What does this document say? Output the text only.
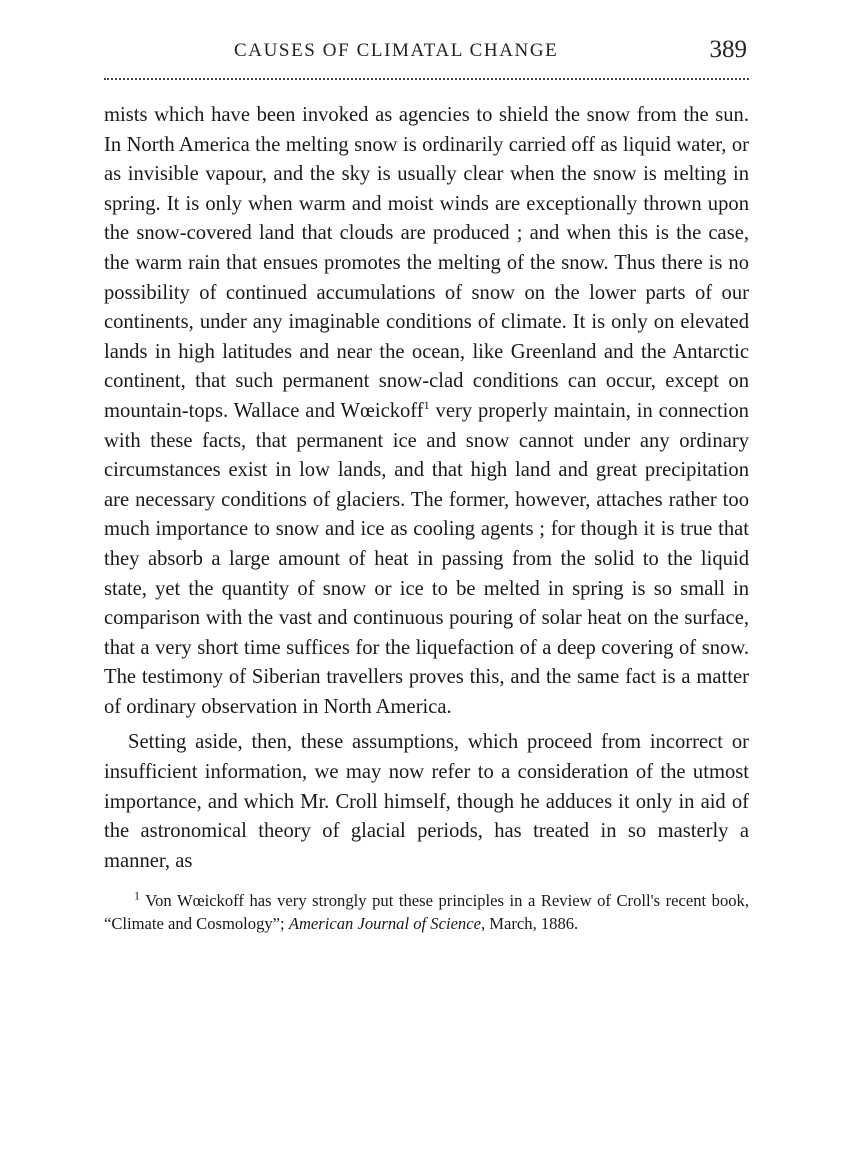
CAUSES OF CLIMATAL CHANGE	389

mists which have been invoked as agencies to shield the snow from the sun. In North America the melting snow is ordinarily carried off as liquid water, or as invisible vapour, and the sky is usually clear when the snow is melting in spring. It is only when warm and moist winds are exceptionally thrown upon the snow-covered land that clouds are produced ; and when this is the case, the warm rain that ensues promotes the melting of the snow. Thus there is no possibility of continued accumulations of snow on the lower parts of our continents, under any imaginable conditions of climate. It is only on elevated lands in high latitudes and near the ocean, like Greenland and the Antarctic continent, that such permanent snow-clad conditions can occur, except on mountain-tops. Wallace and Wœickoff$^1$ very properly maintain, in connection with these facts, that permanent ice and snow cannot under any ordinary circumstances exist in low lands, and that high land and great precipitation are necessary conditions of glaciers. The former, however, attaches rather too much importance to snow and ice as cooling agents ; for though it is true that they absorb a large amount of heat in passing from the solid to the liquid state, yet the quantity of snow or ice to be melted in spring is so small in comparison with the vast and continuous pouring of solar heat on the surface, that a very short time suffices for the liquefaction of a deep covering of snow. The testimony of Siberian travellers proves this, and the same fact is a matter of ordinary observation in North America.

Setting aside, then, these assumptions, which proceed from incorrect or insufficient information, we may now refer to a consideration of the utmost importance, and which Mr. Croll himself, though he adduces it only in aid of the astronomical theory of glacial periods, has treated in so masterly a manner, as

$^1$ Von Wœickoff has very strongly put these principles in a Review of Croll's recent book, “Climate and Cosmology”; American Journal of Science, March, 1886.
